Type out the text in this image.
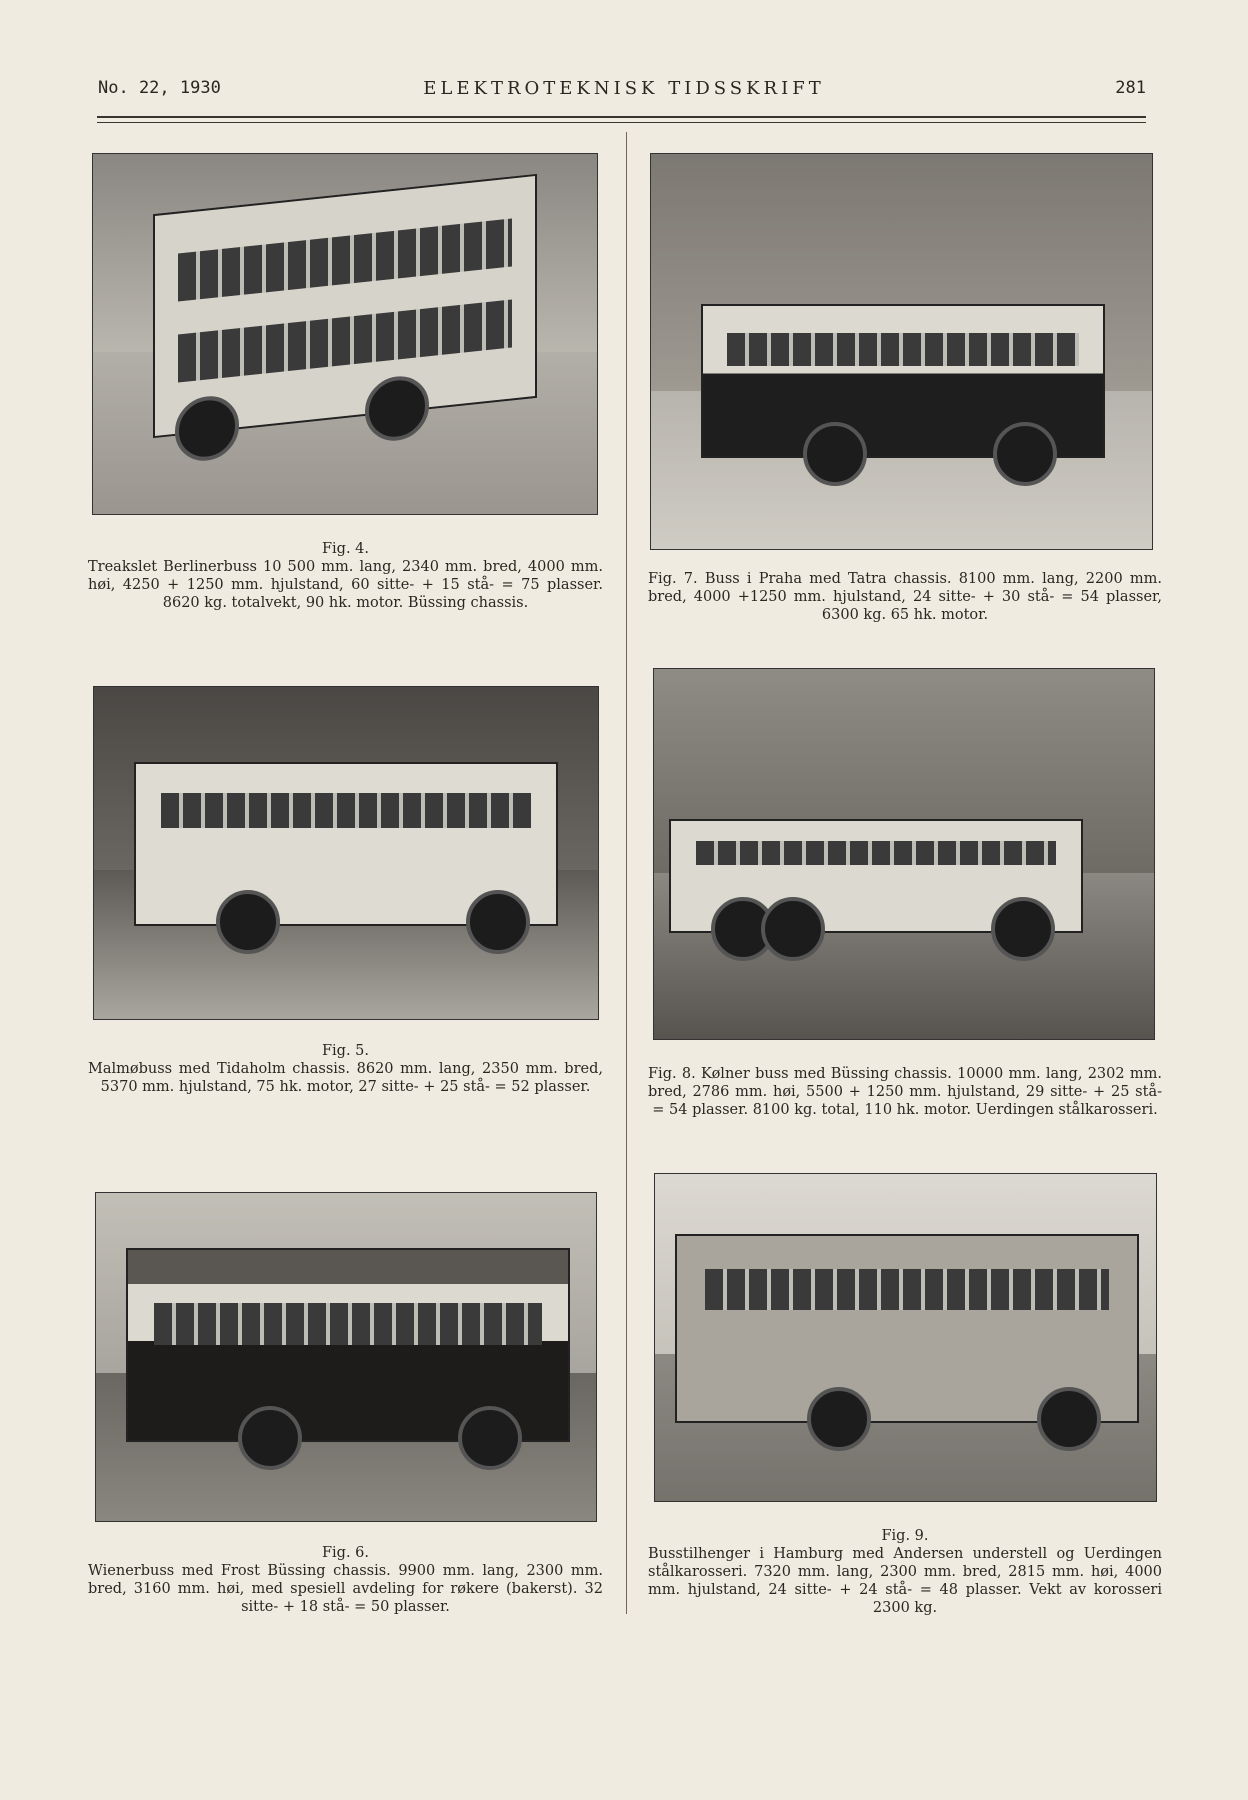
No. 22, 1930	ELEKTROTEKNISK TIDSSKRIFT	281
Fig. 4.
Treakslet Berlinerbuss 10 500 mm. lang, 2340 mm. bred, 4000 mm. høi, 4250 + 1250 mm. hjulstand, 60 sitte- + 15 stå- = 75 plasser. 8620 kg. totalvekt, 90 hk. motor. Büssing chassis.
Fig. 7. Buss i Praha med Tatra chassis. 8100 mm. lang, 2200 mm. bred, 4000 +1250 mm. hjulstand, 24 sitte- + 30 stå- = 54 plasser, 6300 kg. 65 hk. motor.
Fig. 5.
Malmøbuss med Tidaholm chassis. 8620 mm. lang, 2350 mm. bred, 5370 mm. hjulstand, 75 hk. motor, 27 sitte- + 25 stå- = 52 plasser.
Fig. 8. Kølner buss med Büssing chassis. 10000 mm. lang, 2302 mm. bred, 2786 mm. høi, 5500 + 1250 mm. hjulstand, 29 sitte- + 25 stå- = 54 plasser. 8100 kg. total, 110 hk. motor. Uerdingen stålkarosseri.
Fig. 6.
Wienerbuss med Frost Büssing chassis. 9900 mm. lang, 2300 mm. bred, 3160 mm. høi, med spesiell avdeling for røkere (bakerst). 32 sitte- + 18 stå- = 50 plasser.
Fig. 9.
Busstilhenger i Hamburg med Andersen understell og Uerdingen stålkarosseri. 7320 mm. lang, 2300 mm. bred, 2815 mm. høi, 4000 mm. hjulstand, 24 sitte- + 24 stå- = 48 plasser. Vekt av korosseri 2300 kg.
